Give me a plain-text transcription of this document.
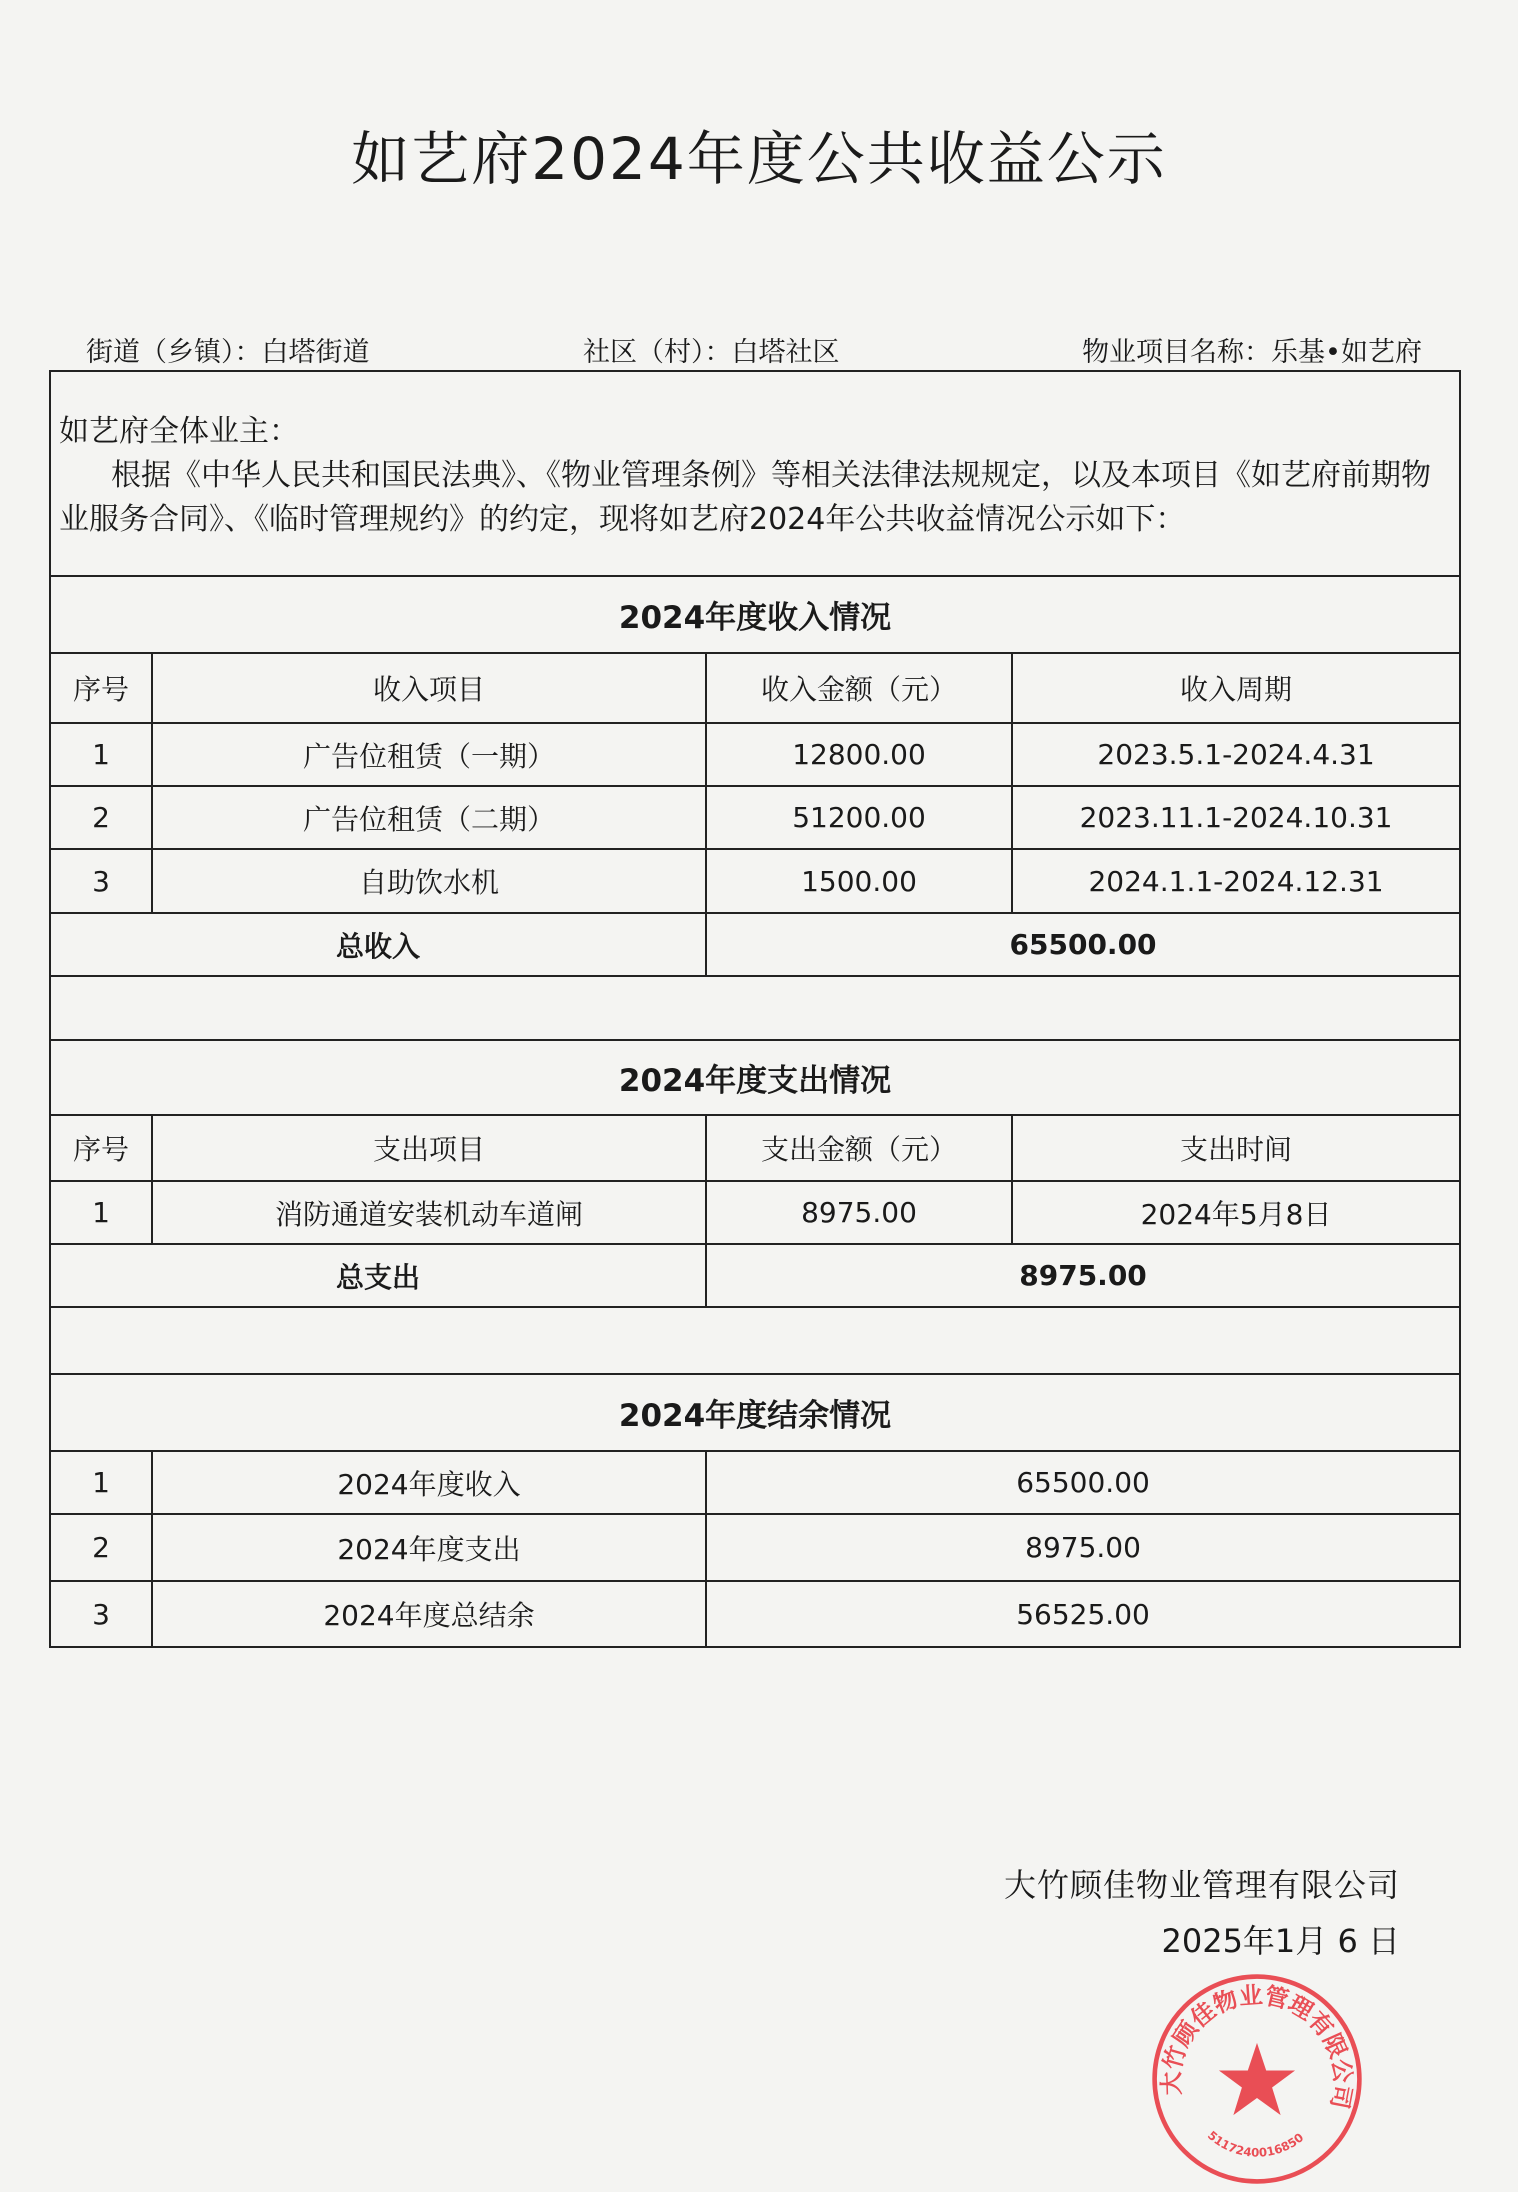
如艺府2024年度公共收益公示
街道（乡镇）：白塔街道	社区（村）：白塔社区	物业项目名称：乐基•如艺府
如艺府全体业主：
根据《中华人民共和国民法典》、《物业管理条例》等相关法律法规规定，以及本项目《如艺府前期物业服务合同》、《临时管理规约》的约定，现将如艺府2024年公共收益情况公示如下：			

2024年度收入情况			
序号	收入项目	收入金额（元）	收入周期
1	广告位租赁（一期）	12800.00	2023.5.1-2024.4.31
2	广告位租赁（二期）	51200.00	2023.11.1-2024.10.31
3	自助饮水机	1500.00	2024.1.1-2024.12.31
总收入		65500.00	

2024年度支出情况			
序号	支出项目	支出金额（元）	支出时间
1	消防通道安装机动车道闸	8975.00	2024年5月8日
总支出		8975.00	

2024年度结余情况			
1	2024年度收入	65500.00	
2	2024年度支出	8975.00	
3	2024年度总结余	56525.00	
大竹顾佳物业管理有限公司
2025年1月 6 日
大竹顾佳物业管理有限公司
5117240016850
